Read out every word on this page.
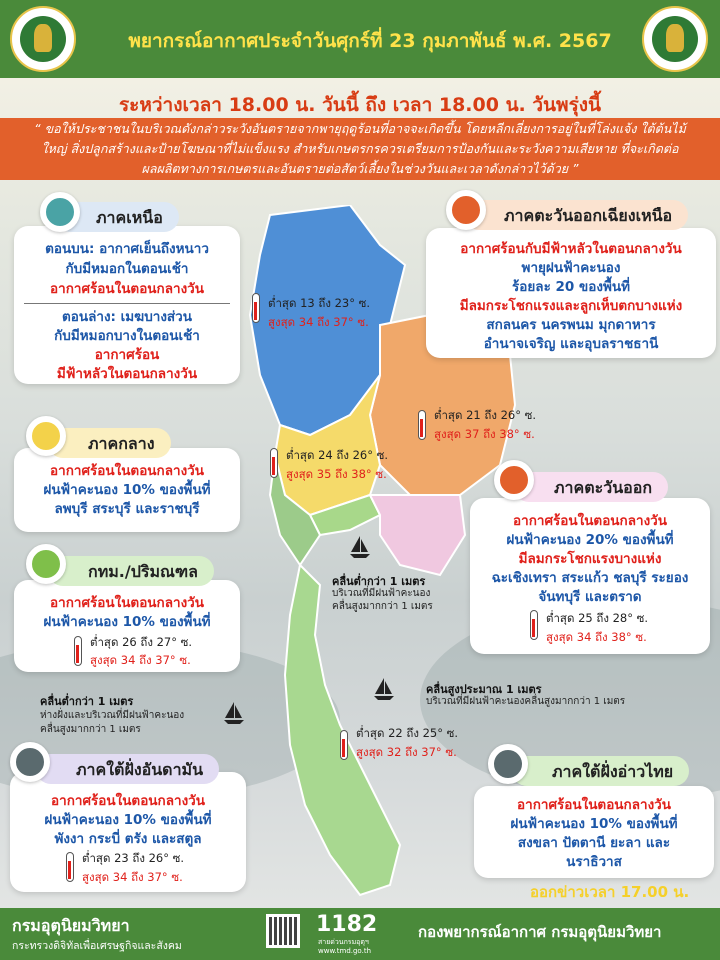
พยากรณ์อากาศประจำวันศุกร์ที่ 23 กุมภาพันธ์ พ.ศ. 2567
ระหว่างเวลา 18.00 น. วันนี้ ถึง เวลา 18.00 น. วันพรุ่งนี้
“ ขอให้ประชาชนในบริเวณดังกล่าวระวังอันตรายจากพายุฤดูร้อนที่อาจจะเกิดขึ้น โดยหลีกเลี่ยงการอยู่ในที่โล่งแจ้ง ใต้ต้นไม้ใหญ่ สิ่งปลูกสร้างและป้ายโฆษณาที่ไม่แข็งแรง สำหรับเกษตรกรควรเตรียมการป้องกันและระวังความเสียหาย ที่จะเกิดต่อผลผลิตทางการเกษตรและอันตรายต่อสัตว์เลี้ยงในช่วงวันและเวลาดังกล่าวไว้ด้วย ”
ตอนบน: อากาศเย็นถึงหนาว
กับมีหมอกในตอนเช้า
อากาศร้อนในตอนกลางวัน
ตอนล่าง: เมฆบางส่วน
กับมีหมอกบางในตอนเช้า
อากาศร้อน
มีฟ้าหลัวในตอนกลางวัน
ภาคเหนือ
ต่ำสุด 13 ถึง 23° ซ.
สูงสุด 34 ถึง 37° ซ.
อากาศร้อนกับมีฟ้าหลัวในตอนกลางวัน
พายุฝนฟ้าคะนอง
ร้อยละ 20 ของพื้นที่
มีลมกระโชกแรงและลูกเห็บตกบางแห่ง
สกลนคร นครพนม มุกดาหาร
อำนาจเจริญ และอุบลราชธานี
ภาคตะวันออกเฉียงเหนือ
ต่ำสุด 21 ถึง 26° ซ.
สูงสุด 37 ถึง 38° ซ.
อากาศร้อนในตอนกลางวัน
ฝนฟ้าคะนอง 10% ของพื้นที่
ลพบุรี สระบุรี และราชบุรี
ภาคกลาง
ต่ำสุด 24 ถึง 26° ซ.
สูงสุด 35 ถึง 38° ซ.
อากาศร้อนในตอนกลางวัน
ฝนฟ้าคะนอง 20% ของพื้นที่
มีลมกระโชกแรงบางแห่ง
ฉะเชิงเทรา สระแก้ว ชลบุรี ระยอง
จันทบุรี และตราด
ต่ำสุด 25 ถึง 28° ซ.
สูงสุด 34 ถึง 38° ซ.
ภาคตะวันออก
อากาศร้อนในตอนกลางวัน
ฝนฟ้าคะนอง 10% ของพื้นที่
ต่ำสุด 26 ถึง 27° ซ.
สูงสุด 34 ถึง 37° ซ.
กทม./ปริมณฑล
คลื่นต่ำกว่า 1 เมตร
บริเวณที่มีฝนฟ้าคะนอง
คลื่นสูงมากกว่า 1 เมตร
คลื่นสูงประมาณ 1 เมตร
บริเวณที่มีฝนฟ้าคะนองคลื่นสูงมากกว่า 1 เมตร
คลื่นต่ำกว่า 1 เมตร
ห่างฝั่งและบริเวณที่มีฝนฟ้าคะนอง
คลื่นสูงมากกว่า 1 เมตร	ต่ำสุด 22 ถึง 25° ซ.
สูงสุด 32 ถึง 37° ซ.
อากาศร้อนในตอนกลางวัน
ฝนฟ้าคะนอง 10% ของพื้นที่
พังงา กระบี่ ตรัง และสตูล
ต่ำสุด 23 ถึง 26° ซ.
สูงสุด 34 ถึง 37° ซ.
ภาคใต้ฝั่งอันดามัน
อากาศร้อนในตอนกลางวัน
ฝนฟ้าคะนอง 10% ของพื้นที่
สงขลา ปัตตานี ยะลา และ
นราธิวาส
ภาคใต้ฝั่งอ่าวไทย
ออกข่าวเวลา 17.00 น.
กรมอุตุนิยมวิทยา
กระทรวงดิจิทัลเพื่อเศรษฐกิจและสังคม
1182
สายด่วนกรมอุตุฯ
www.tmd.go.th
กองพยากรณ์อากาศ กรมอุตุนิยมวิทยา
